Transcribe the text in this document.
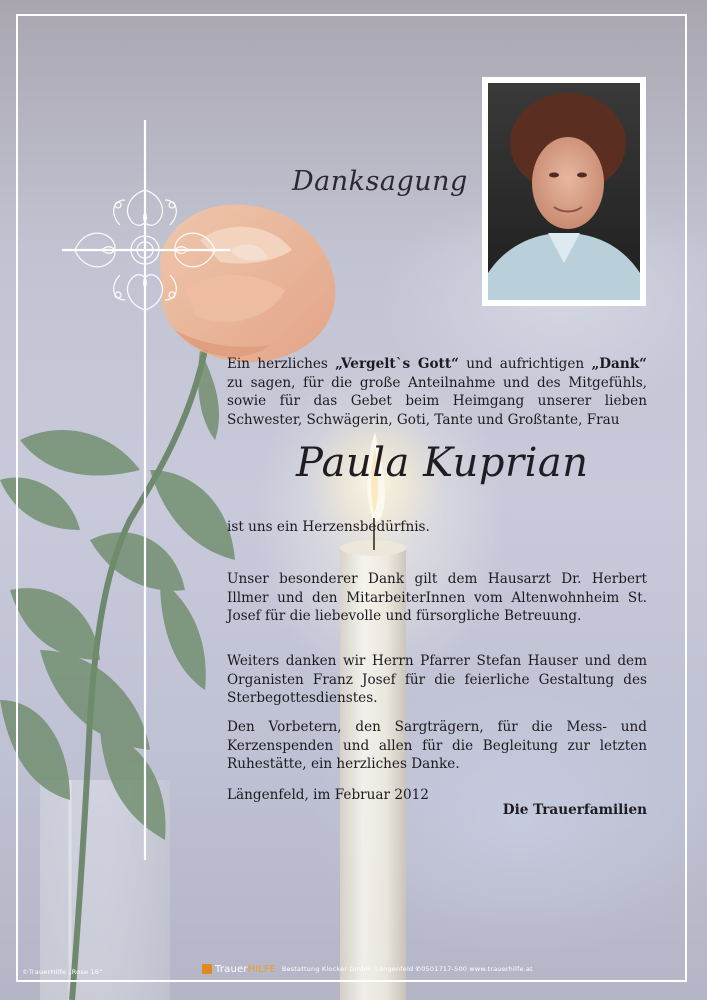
Danksagung
Ein herzliches „Vergelt`s Gott“ und aufrichtigen „Dank“ zu sagen, für die große Anteilnahme und des Mitgefühls, sowie für das Gebet beim Heimgang unserer lieben Schwester, Schwägerin, Goti, Tante und Großtante, Frau
Paula Kuprian
ist uns ein Herzensbedürfnis.
Unser besonderer Dank gilt dem Hausarzt Dr. Herbert Illmer und den MitarbeiterInnen vom Altenwohnheim St. Josef für die liebevolle und fürsorgliche Betreuung.
Weiters danken wir Herrn Pfarrer Stefan Hauser und dem Organisten Franz Josef für die feierliche Gestaltung des Sterbegottesdienstes.
Den Vorbetern, den Sargträgern, für die Mess- und Kerzenspenden und allen für die Begleitung zur letzten Ruhestätte, ein herzliches Danke.
Längenfeld, im Februar 2012
Die Trauerfamilien
©TrauerHilfe „Rose 16“	Trauer HILFE Bestattung Klocker GmbH, Längenfeld ✆0501717-500 www.trauerhilfe.at
